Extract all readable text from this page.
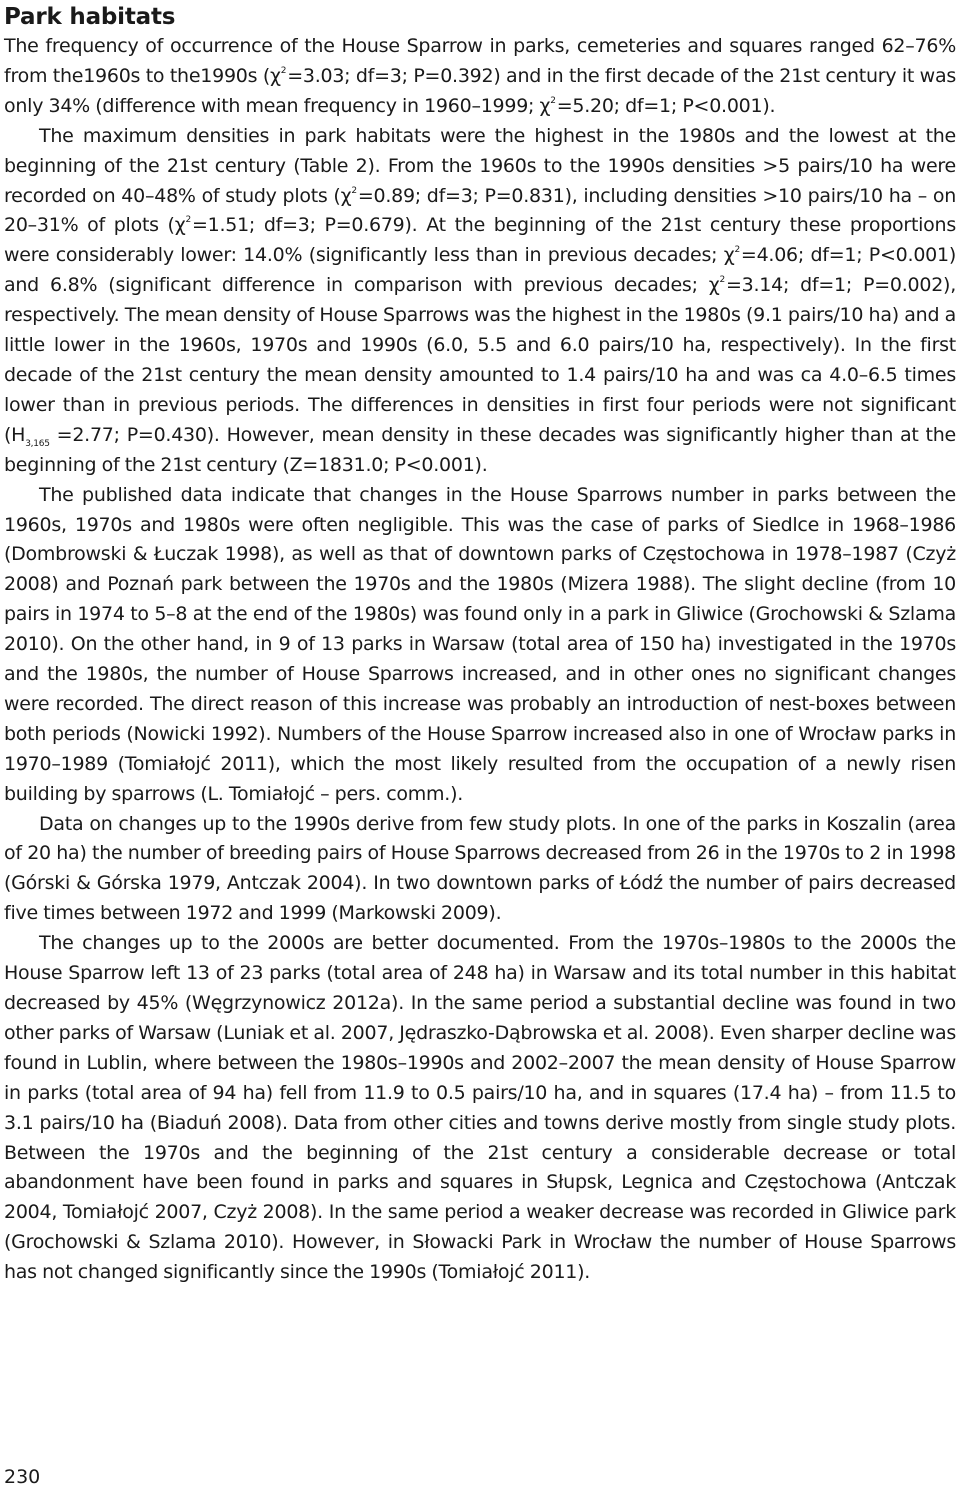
Park habitats

The frequency of occurrence of the House Sparrow in parks, cemeteries and squares ranged 62–76% from the1960s to the1990s ($\chi^2=3.03$; df=3; P=0.392) and in the first decade of the 21st century it was only 34% (difference with mean frequency in 1960–1999; $\chi^2=5.20$; df=1; P<0.001).

The maximum densities in park habitats were the highest in the 1980s and the lowest at the beginning of the 21st century (Table 2). From the 1960s to the 1990s densities >5 pairs/10 ha were recorded on 40–48% of study plots ($\chi^2=0.89$; df=3; P=0.831), including densities >10 pairs/10 ha – on 20–31% of plots ($\chi^2=1.51$; df=3; P=0.679). At the beginning of the 21st century these proportions were considerably lower: 14.0% (significantly less than in previous decades; $\chi^2=4.06$; df=1; P<0.001) and 6.8% (significant difference in comparison with previous decades; $\chi^2=3.14$; df=1; P=0.002), respectively. The mean density of House Sparrows was the highest in the 1980s (9.1 pairs/10 ha) and a little lower in the 1960s, 1970s and 1990s (6.0, 5.5 and 6.0 pairs/10 ha, respectively). In the first decade of the 21st century the mean density amounted to 1.4 pairs/10 ha and was ca 4.0–6.5 times lower than in previous periods. The differences in densities in first four periods were not significant ($H_{3,165} =2.77$; P=0.430). However, mean density in these decades was significantly higher than at the beginning of the 21st century (Z=1831.0; P<0.001).

The published data indicate that changes in the House Sparrows number in parks between the 1960s, 1970s and 1980s were often negligible. This was the case of parks of Siedlce in 1968–1986 (Dombrowski & Łuczak 1998), as well as that of downtown parks of Częstochowa in 1978–1987 (Czyż 2008) and Poznań park between the 1970s and the 1980s (Mizera 1988). The slight decline (from 10 pairs in 1974 to 5–8 at the end of the 1980s) was found only in a park in Gliwice (Grochowski & Szlama 2010). On the other hand, in 9 of 13 parks in Warsaw (total area of 150 ha) investigated in the 1970s and the 1980s, the number of House Sparrows increased, and in other ones no significant changes were recorded. The direct reason of this increase was probably an introduction of nest-boxes between both periods (Nowicki 1992). Numbers of the House Sparrow increased also in one of Wrocław parks in 1970–1989 (Tomiałojć 2011), which the most likely resulted from the occupation of a newly risen building by sparrows (L. Tomiałojć – pers. comm.).

Data on changes up to the 1990s derive from few study plots. In one of the parks in Koszalin (area of 20 ha) the number of breeding pairs of House Sparrows decreased from 26 in the 1970s to 2 in 1998 (Górski & Górska 1979, Antczak 2004). In two downtown parks of Łódź the number of pairs decreased five times between 1972 and 1999 (Markowski 2009).

The changes up to the 2000s are better documented. From the 1970s–1980s to the 2000s the House Sparrow left 13 of 23 parks (total area of 248 ha) in Warsaw and its total number in this habitat decreased by 45% (Węgrzynowicz 2012a). In the same period a substantial decline was found in two other parks of Warsaw (Luniak et al. 2007, Jędraszko-Dąbrowska et al. 2008). Even sharper decline was found in Lublin, where between the 1980s–1990s and 2002–2007 the mean density of House Sparrow in parks (total area of 94 ha) fell from 11.9 to 0.5 pairs/10 ha, and in squares (17.4 ha) – from 11.5 to 3.1 pairs/10 ha (Biaduń 2008). Data from other cities and towns derive mostly from single study plots. Between the 1970s and the beginning of the 21st century a considerable decrease or total abandonment have been found in parks and squares in Słupsk, Legnica and Częstochowa (Antczak 2004, Tomiałojć 2007, Czyż 2008). In the same period a weaker decrease was recorded in Gliwice park (Grochowski & Szlama 2010). However, in Słowacki Park in Wrocław the number of House Sparrows has not changed significantly since the 1990s (Tomiałojć 2011).

230
